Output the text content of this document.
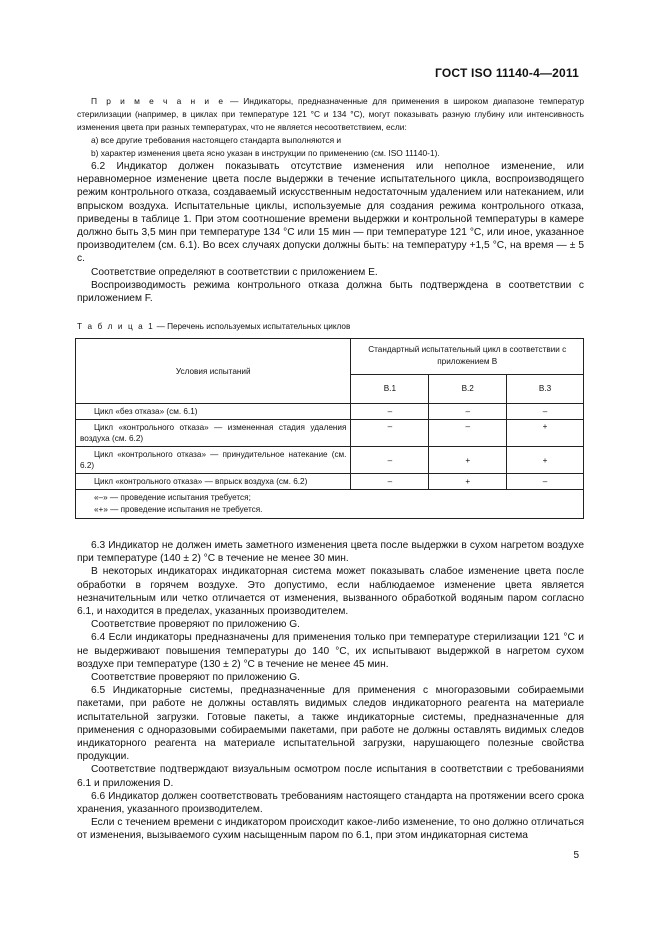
ГОСТ ISO 11140-4—2011

П р и м е ч а н и е — Индикаторы, предназначенные для применения в широком диапазоне температур стерилизации (например, в циклах при температуре 121 °С и 134 °С), могут показывать разную глубину или интенсивность изменения цвета при разных температурах, что не является несоответствием, если:

а) все другие требования настоящего стандарта выполняются и

b) характер изменения цвета ясно указан в инструкции по применению (см. ISO 11140-1).

6.2 Индикатор должен показывать отсутствие изменения или неполное изменение, или неравномерное изменение цвета после выдержки в течение испытательного цикла, воспроизводящего режим контрольного отказа, создаваемый искусственным недостаточным удалением или натеканием, или впрыском воздуха. Испытательные циклы, используемые для создания режима контрольного отказа, приведены в таблице 1. При этом соотношение времени выдержки и контрольной температуры в камере должно быть 3,5 мин при температуре 134 °С или 15 мин — при температуре 121 °С, или иное, указанное производителем (см. 6.1). Во всех случаях допуски должны быть: на температуру +1,5 °С, на время — ± 5 с.

Соответствие определяют в соответствии с приложением Е.

Воспроизводимость режима контрольного отказа должна быть подтверждена в соответствии с приложением F.

Т а б л и ц а 1 — Перечень используемых испытательных циклов
Условия испытаний	Стандартный испытательный цикл в соответствии с приложением В		
	В.1	В.2	В.3
Цикл «без отказа» (см. 6.1)	–	–	–
Цикл «контрольного отказа» — измененная стадия удаления воздуха (см. 6.2)	–	–	+
Цикл «контрольного отказа» — принудительное натекание (см. 6.2)	–	+	+
Цикл «контрольного отказа» — впрыск воздуха (см. 6.2)	–	+	–

«–» — проведение испытания требуется;
«+» — проведение испытания не требуется.			

6.3 Индикатор не должен иметь заметного изменения цвета после выдержки в сухом нагретом воздухе при температуре (140 ± 2) °С в течение не менее 30 мин.

В некоторых индикаторах индикаторная система может показывать слабое изменение цвета после обработки в горячем воздухе. Это допустимо, если наблюдаемое изменение цвета является незначительным или четко отличается от изменения, вызванного обработкой водяным паром согласно 6.1, и находится в пределах, указанных производителем.

Соответствие проверяют по приложению G.

6.4 Если индикаторы предназначены для применения только при температуре стерилизации 121 °С и не выдерживают повышения температуры до 140 °С, их испытывают выдержкой в нагретом сухом воздухе при температуре (130 ± 2) °С в течение не менее 45 мин.

Соответствие проверяют по приложению G.

6.5 Индикаторные системы, предназначенные для применения с многоразовыми собираемыми пакетами, при работе не должны оставлять видимых следов индикаторного реагента на материале испытательной загрузки. Готовые пакеты, а также индикаторные системы, предназначенные для применения с одноразовыми собираемыми пакетами, при работе не должны оставлять видимых следов индикаторного реагента на материале испытательной загрузки, нарушающего полезные свойства продукции.

Соответствие подтверждают визуальным осмотром после испытания в соответствии с требованиями 6.1 и приложения D.

6.6 Индикатор должен соответствовать требованиям настоящего стандарта на протяжении всего срока хранения, указанного производителем.

Если с течением времени с индикатором происходит какое-либо изменение, то оно должно отличаться от изменения, вызываемого сухим насыщенным паром по 6.1, при этом индикаторная система

5
